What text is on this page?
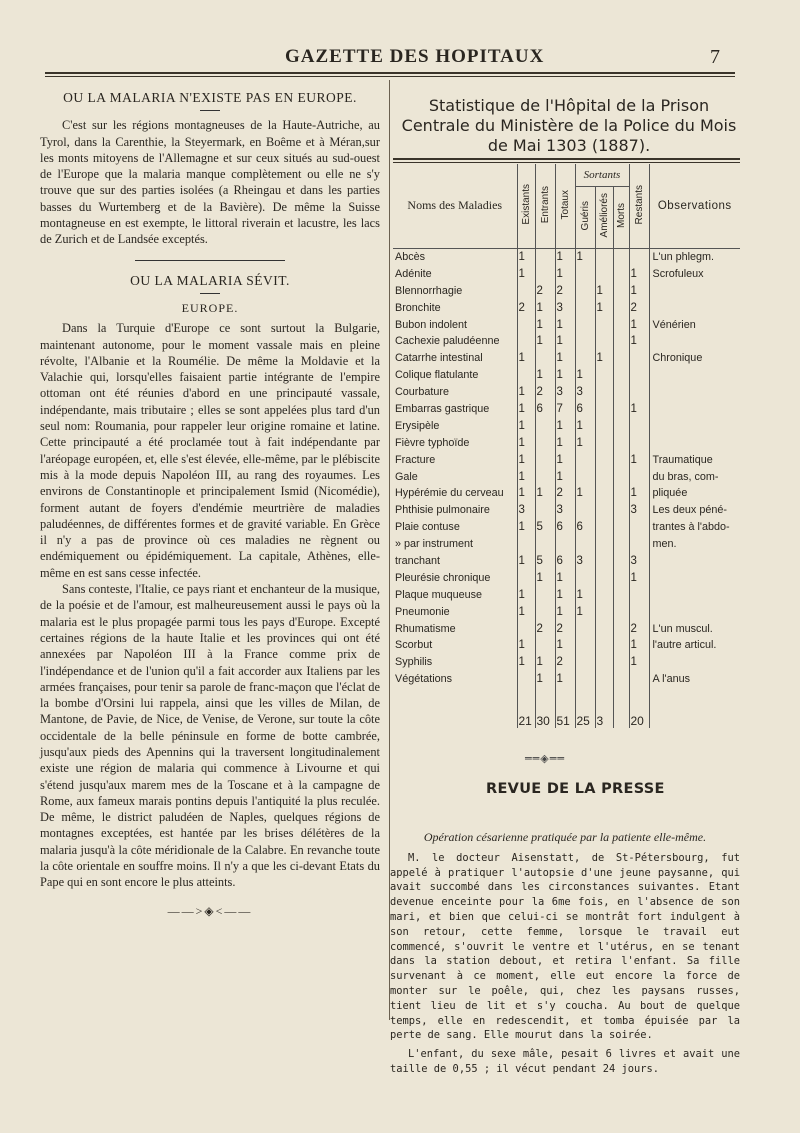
GAZETTE DES HOPITAUX	7
OU LA MALARIA N'EXISTE PAS EN EUROPE.

C'est sur les régions montagneuses de la Haute-Autriche, au Tyrol, dans la Carenthie, la Steyermark, en Boême et à Méran,sur les monts mitoyens de l'Allemagne et sur ceux situés au sud-ouest de l'Europe que la malaria manque complètement ou elle ne s'y trouve que sur des parties isolées (a Rheingau et dans les parties basses du Wurtemberg et de la Bavière). De même la Suisse montagneuse en est exempte, le littoral riverain et lacustre, les lacs de Zurich et de Landsée exceptés.

OU LA MALARIA SÉVIT.
EUROPE.

Dans la Turquie d'Europe ce sont surtout la Bulgarie, maintenant autonome, pour le moment vassale mais en pleine révolte, l'Albanie et la Roumélie. De même la Moldavie et la Valachie qui, lorsqu'elles faisaient partie intégrante de l'empire ottoman ont été réunies d'abord en une principauté vassale, indépendante, mais tributaire ; elles se sont appelées plus tard d'un seul nom: Roumania, pour rappeler leur origine romaine et latine. Cette principauté a été proclamée tout à fait indépendante par l'aréopage européen, et, elle s'est élevée, elle-même, par le plébiscite mis à la mode depuis Napoléon III, au rang des royaumes. Les environs de Constantinople et principalement Ismid (Nicomédie), forment autant de foyers d'endémie meurtrière de maladies paludéennes, de différentes formes et de gravité variable. En Grèce il n'y a pas de province où ces maladies ne règnent ou endémiquement ou épidémiquement. La capitale, Athènes, elle-même en est sans cesse infectée.

Sans conteste, l'Italie, ce pays riant et enchanteur de la musique, de la poésie et de l'amour, est malheureusement aussi le pays où la malaria est le plus propagée parmi tous les pays d'Europe. Excepté certaines régions de la haute Italie et les provinces qui ont été annexées par Napoléon III à la France comme prix de l'indépendance et de l'union qu'il a fait accorder aux Italiens par les armées françaises, pour tenir sa parole de franc-maçon que l'éclat de la bombe d'Orsini lui rappela, ainsi que les villes de Milan, de Mantone, de Pavie, de Nice, de Venise, de Verone, sur toute la côte occidentale de la belle péninsule en forme de botte cambrée, jusqu'aux pieds des Apennins qui la traversent longitudinalement existe une région de malaria qui commence à Livourne et qui s'étend jusqu'aux marem mes de la Toscane et à la campagne de Rome, aux fameux marais pontins depuis l'antiquité la plus reculée. De même, le district paludéen de Naples, quelques régions de montagnes exceptées, est hantée par les brises délétères de la malaria jusqu'à la côte méridionale de la Calabre. En revanche toute la côte orientale en souffre moins. Il n'y a que les ci-devant Etats du Pape qui en sont encore le plus atteints.

——>◈<——
Statistique de l'Hôpital de la Prison Centrale du Ministère de la Police du Mois de Mai 1303 (1887).
Noms des Maladies	Existants	Entrants	Totaux	Sortants			Restants	Observations
				Guéris	Améliorés	Morts		
Abcès	1		1	1				L'un phlegm.
Adénite	1		1				1	Scrofuleux
Blennorrhagie		2	2		1		1	
Bronchite	2	1	3		1		2	
Bubon indolent		1	1				1	Vénérien
Cachexie paludéenne		1	1				1	
Catarrhe intestinal	1		1		1			Chronique
Colique flatulante		1	1	1				
Courbature	1	2	3	3				
Embarras gastrique	1	6	7	6			1	
Erysipèle	1		1	1				
Fièvre typhoïde	1		1	1				
Fracture	1		1				1	Traumatique
Gale	1		1					du bras, com-
Hypérémie du cerveau	1	1	2	1			1	pliquée
Phthisie pulmonaire	3		3				3	Les deux péné-
Plaie contuse	1	5	6	6				trantes à l'abdo-
» par instrument								men.
tranchant	1	5	6	3			3	
Pleurésie chronique		1	1				1	
Plaque muqueuse	1		1	1				
Pneumonie	1		1	1				
Rhumatisme		2	2				2	L'un muscul.
Scorbut	1		1				1	l'autre articul.
Syphilis	1	1	2				1	
Végétations		1	1					A l'anus
	21	30	51	25	3		20	
══◈══
REVUE DE LA PRESSE

Opération césarienne pratiquée par la patiente elle-même.

M. le docteur Aisenstatt, de St-Pétersbourg, fut appelé à pratiquer l'autopsie d'une jeune paysanne, qui avait succombé dans les circonstances suivantes. Etant devenue enceinte pour la 6me fois, en l'absence de son mari, et bien que celui-ci se montrât fort indulgent à son retour, cette femme, lorsque le travail eut commencé, s'ouvrit le ventre et l'utérus, en se tenant dans la station debout, et retira l'enfant. Sa fille survenant à ce moment, elle eut encore la force de monter sur le poêle, qui, chez les paysans russes, tient lieu de lit et s'y coucha. Au bout de quelque temps, elle en redescendit, et tomba épuisée par la perte de sang. Elle mourut dans la soirée.

L'enfant, du sexe mâle, pesait 6 livres et avait une taille de 0,55 ; il vécut pendant 24 jours.
